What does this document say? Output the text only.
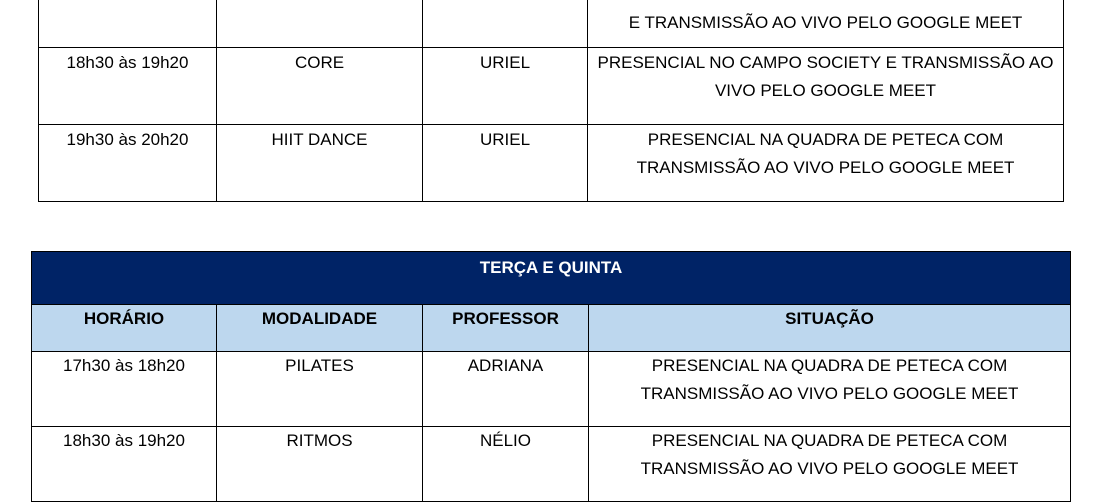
			E TRANSMISSÃO AO VIVO PELO GOOGLE MEET
18h30 às 19h20	CORE	URIEL	PRESENCIAL NO CAMPO SOCIETY E TRANSMISSÃO AO VIVO PELO GOOGLE MEET
19h30 às 20h20	HIIT DANCE	URIEL	PRESENCIAL NA QUADRA DE PETECA COM TRANSMISSÃO AO VIVO PELO GOOGLE MEET
TERÇA E QUINTA			
HORÁRIO	MODALIDADE	PROFESSOR	SITUAÇÃO
17h30 às 18h20	PILATES	ADRIANA	PRESENCIAL NA QUADRA DE PETECA COM TRANSMISSÃO AO VIVO PELO GOOGLE MEET
18h30 às 19h20	RITMOS	NÉLIO	PRESENCIAL NA QUADRA DE PETECA COM TRANSMISSÃO AO VIVO PELO GOOGLE MEET
